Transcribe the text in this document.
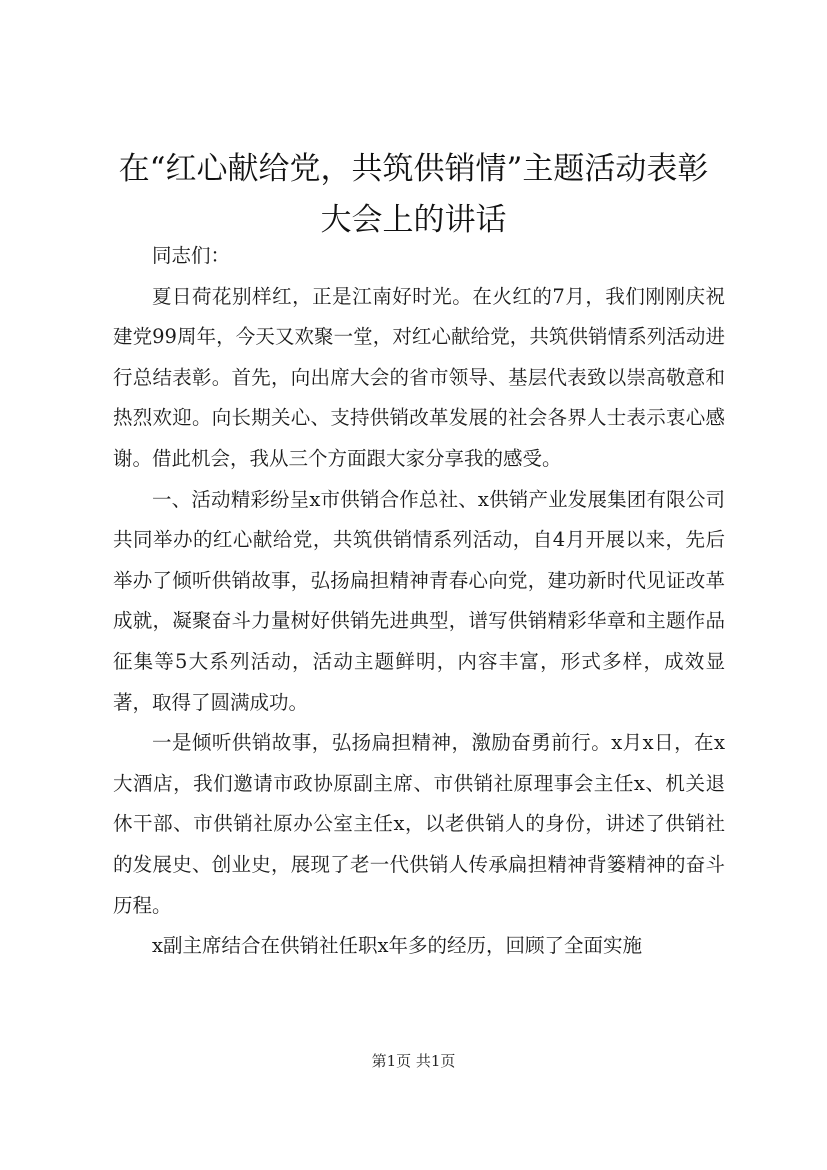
在“红心献给党，共筑供销情”主题活动表彰
大会上的讲话

同志们：

夏日荷花别样红，正是江南好时光。在火红的7月，我们刚刚庆祝建党99周年，今天又欢聚一堂，对红心献给党，共筑供销情系列活动进行总结表彰。首先，向出席大会的省市领导、基层代表致以崇高敬意和热烈欢迎。向长期关心、支持供销改革发展的社会各界人士表示衷心感谢。借此机会，我从三个方面跟大家分享我的感受。

一、活动精彩纷呈x市供销合作总社、x供销产业发展集团有限公司共同举办的红心献给党，共筑供销情系列活动，自4月开展以来，先后举办了倾听供销故事，弘扬扁担精神青春心向党，建功新时代见证改革成就，凝聚奋斗力量树好供销先进典型，谱写供销精彩华章和主题作品征集等5大系列活动，活动主题鲜明，内容丰富，形式多样，成效显著，取得了圆满成功。

一是倾听供销故事，弘扬扁担精神，激励奋勇前行。x月x日，在x大酒店，我们邀请市政协原副主席、市供销社原理事会主任x、机关退休干部、市供销社原办公室主任x，以老供销人的身份，讲述了供销社的发展史、创业史，展现了老一代供销人传承扁担精神背篓精神的奋斗历程。

x副主席结合在供销社任职x年多的经历，回顾了全面实施

第1页 共1页
